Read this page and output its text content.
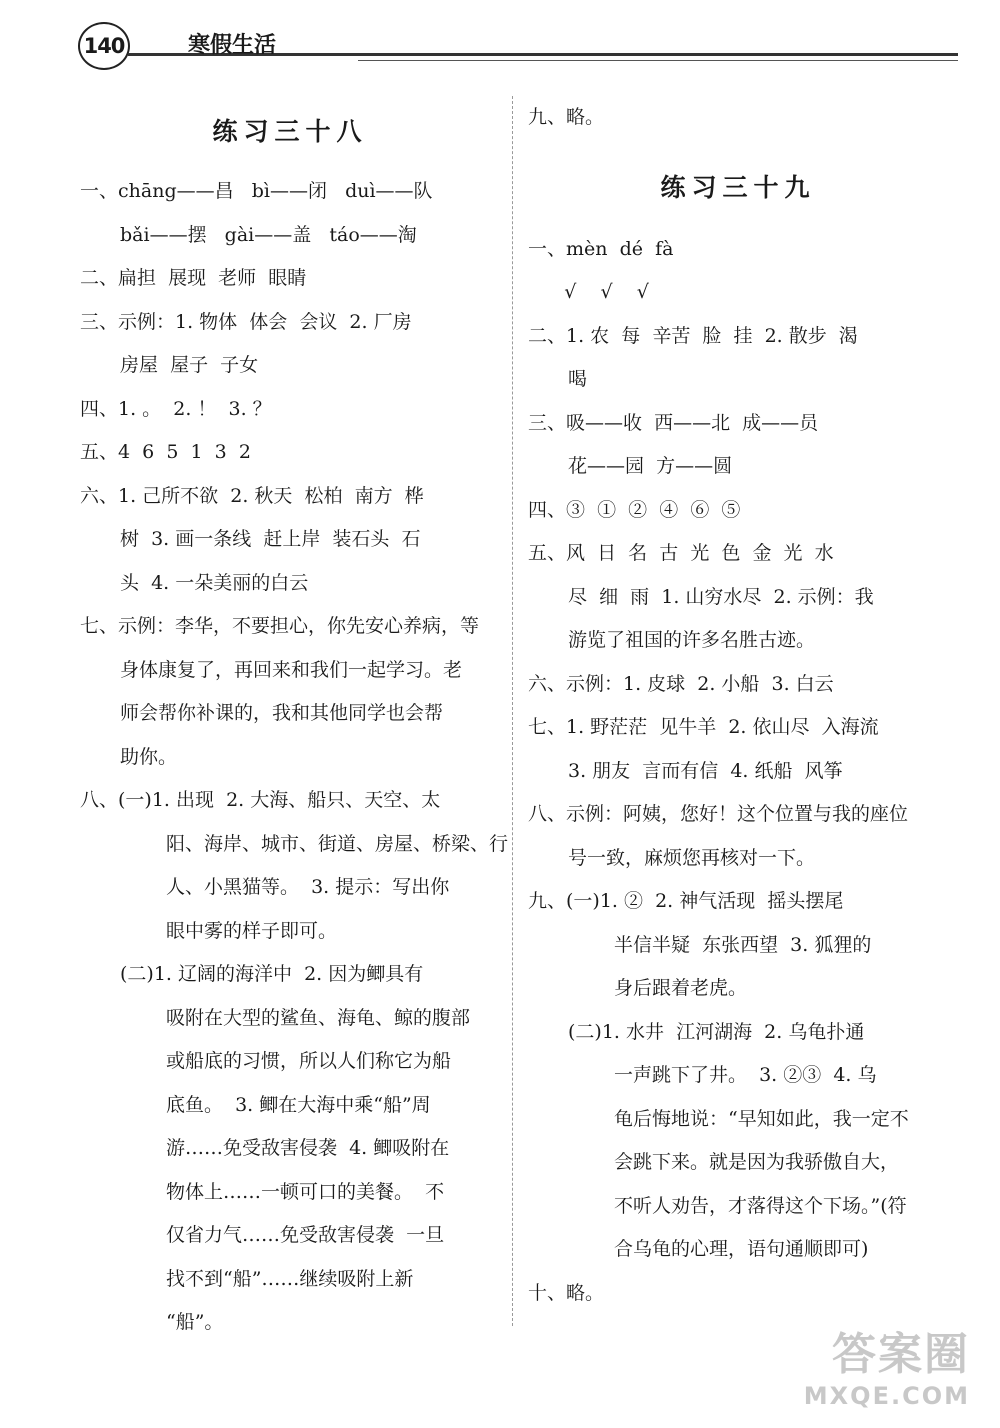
140	寒假生活
练习三十八
一、chāng——昌   bì——闭   duì——队
bǎi——摆   gài——盖   táo——淘
二、扁担  展现  老师  眼睛
三、示例：1. 物体  体会  会议  2. 厂房
房屋  屋子  子女
四、1. 。  2. ！  3. ？
五、4  6  5  1  3  2
六、1. 己所不欲  2. 秋天  松柏  南方  桦
树  3. 画一条线  赶上岸  装石头  石
头  4. 一朵美丽的白云
七、示例：李华，不要担心，你先安心养病，等
身体康复了，再回来和我们一起学习。老
师会帮你补课的，我和其他同学也会帮
助你。
八、(一)1. 出现  2. 大海、船只、天空、太
阳、海岸、城市、街道、房屋、桥梁、行
人、小黑猫等。  3. 提示：写出你
眼中雾的样子即可。
(二)1. 辽阔的海洋中  2. 因为鲫具有
吸附在大型的鲨鱼、海龟、鲸的腹部
或船底的习惯，所以人们称它为船
底鱼。  3. 鲫在大海中乘“船”周
游……免受敌害侵袭  4. 鲫吸附在
物体上……一顿可口的美餐。  不
仅省力气……免受敌害侵袭  一旦
找不到“船”……继续吸附上新
“船”。
九、略。
练习三十九
一、mèn  dé  fà
√    √    √
二、1. 农  每  辛苦  脸  挂  2. 散步  渴
喝
三、吸——收  西——北  成——员
花——园  方——圆
四、③  ①  ②  ④  ⑥  ⑤
五、风  日  名  古  光  色  金  光  水
尽  细  雨  1. 山穷水尽  2. 示例：我
游览了祖国的许多名胜古迹。
六、示例：1. 皮球  2. 小船  3. 白云
七、1. 野茫茫  见牛羊  2. 依山尽  入海流
3. 朋友  言而有信  4. 纸船  风筝
八、示例：阿姨，您好！这个位置与我的座位
号一致，麻烦您再核对一下。
九、(一)1. ②  2. 神气活现  摇头摆尾
半信半疑  东张西望  3. 狐狸的
身后跟着老虎。
(二)1. 水井  江河湖海  2. 乌龟扑通
一声跳下了井。  3. ②③  4. 乌
龟后悔地说：“早知如此，我一定不
会跳下来。就是因为我骄傲自大，
不听人劝告，才落得这个下场。”(符
合乌龟的心理，语句通顺即可)
十、略。
答案圈
MXQE.COM
